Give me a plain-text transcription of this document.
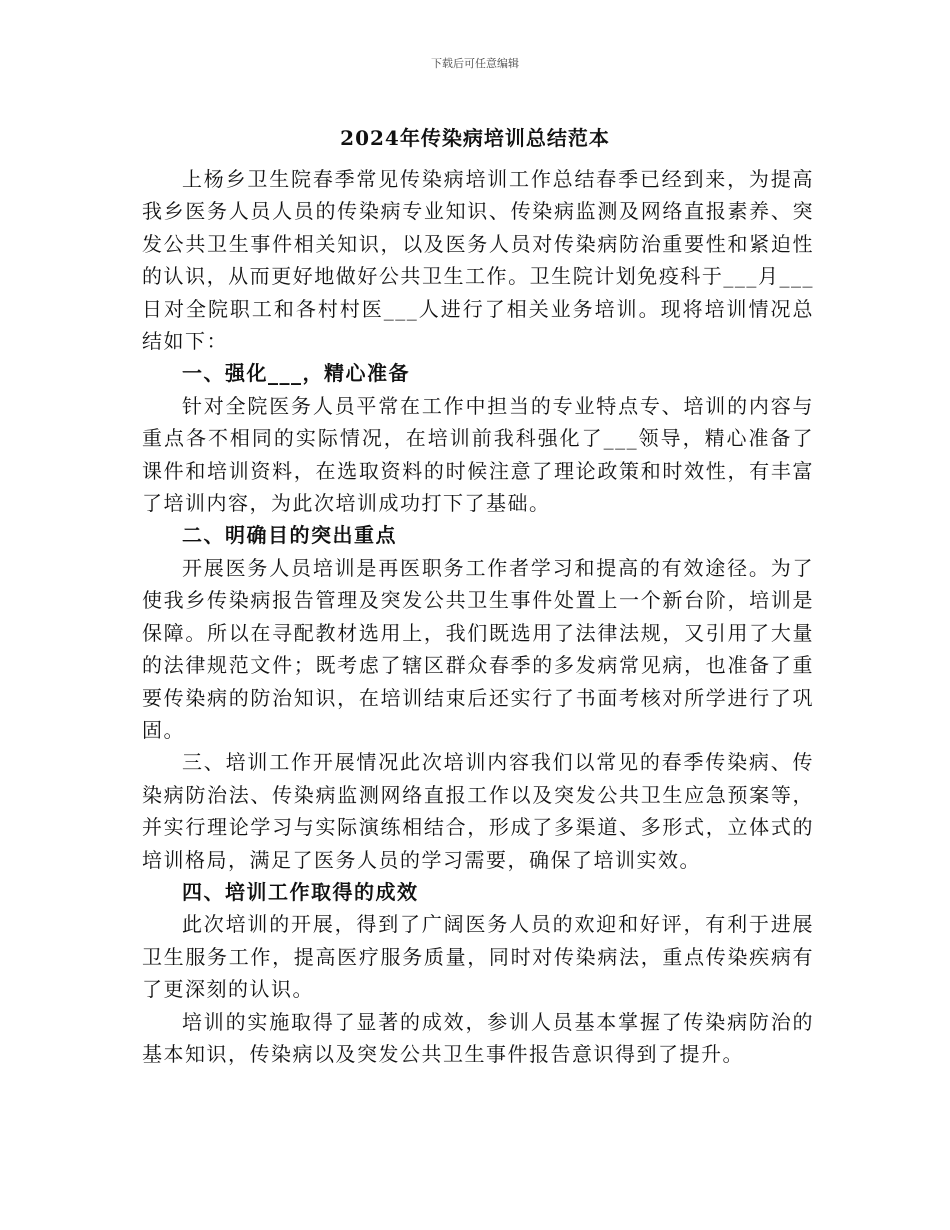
下载后可任意编辑
2024年传染病培训总结范本

上杨乡卫生院春季常见传染病培训工作总结春季已经到来，为提高我乡医务人员人员的传染病专业知识、传染病监测及网络直报素养、突发公共卫生事件相关知识，以及医务人员对传染病防治重要性和紧迫性的认识，从而更好地做好公共卫生工作。卫生院计划免疫科于___月___日对全院职工和各村村医___人进行了相关业务培训。现将培训情况总结如下：

一、强化___，精心准备

针对全院医务人员平常在工作中担当的专业特点专、培训的内容与重点各不相同的实际情况，在培训前我科强化了___领导，精心准备了课件和培训资料，在选取资料的时候注意了理论政策和时效性，有丰富了培训内容，为此次培训成功打下了基础。

二、明确目的突出重点

开展医务人员培训是再医职务工作者学习和提高的有效途径。为了使我乡传染病报告管理及突发公共卫生事件处置上一个新台阶，培训是保障。所以在寻配教材选用上，我们既选用了法律法规，又引用了大量的法律规范文件；既考虑了辖区群众春季的多发病常见病，也准备了重要传染病的防治知识，在培训结束后还实行了书面考核对所学进行了巩固。

三、培训工作开展情况此次培训内容我们以常见的春季传染病、传染病防治法、传染病监测网络直报工作以及突发公共卫生应急预案等，并实行理论学习与实际演练相结合，形成了多渠道、多形式，立体式的培训格局，满足了医务人员的学习需要，确保了培训实效。

四、培训工作取得的成效

此次培训的开展，得到了广阔医务人员的欢迎和好评，有利于进展卫生服务工作，提高医疗服务质量，同时对传染病法，重点传染疾病有了更深刻的认识。

培训的实施取得了显著的成效，参训人员基本掌握了传染病防治的基本知识，传染病以及突发公共卫生事件报告意识得到了提升。
